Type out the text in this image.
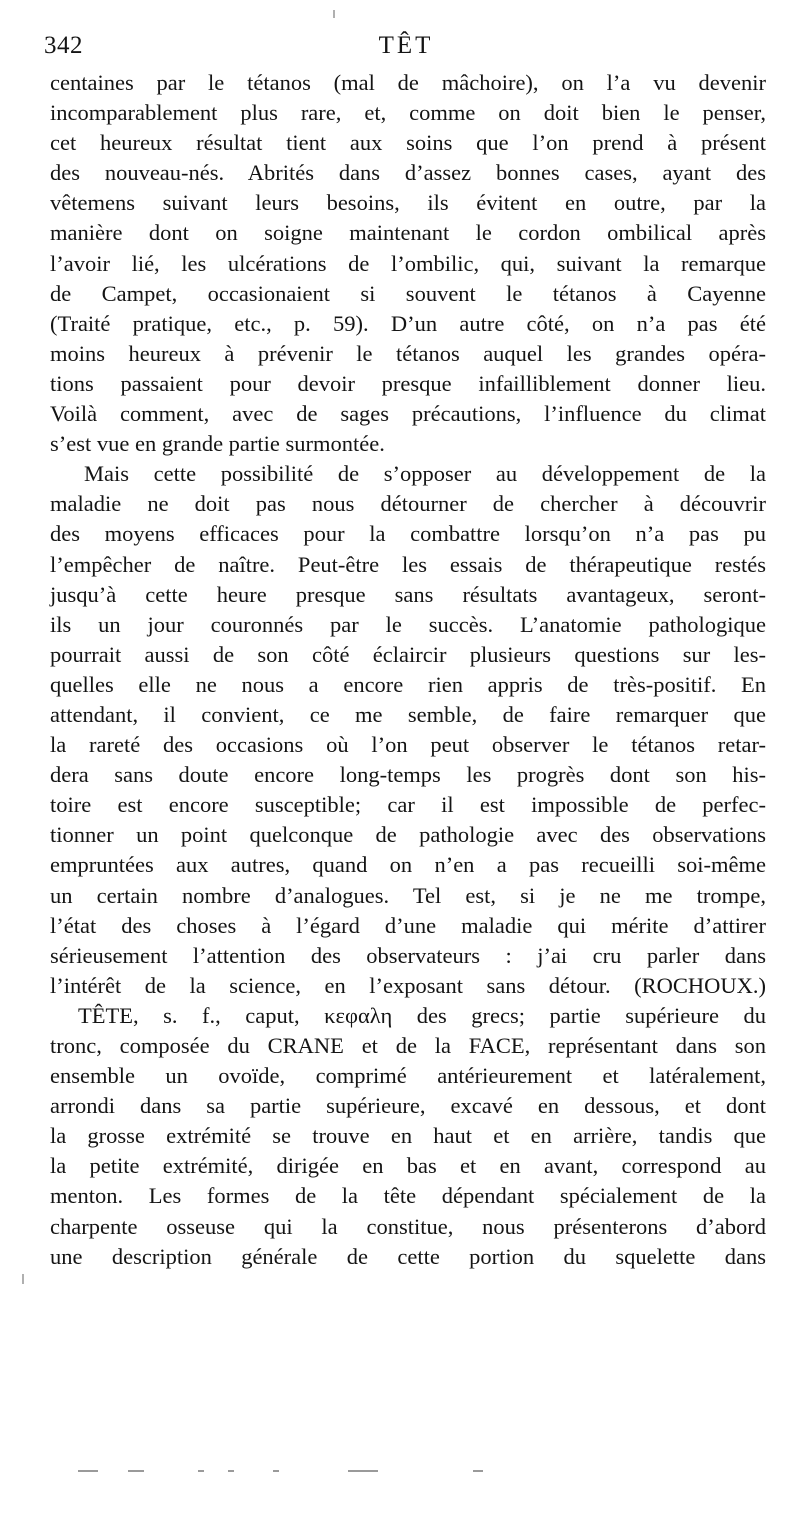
342	TÊT
centaines par le tétanos (mal de mâchoire), on l’a vu devenir
incomparablement plus rare, et, comme on doit bien le penser,
cet heureux résultat tient aux soins que l’on prend à présent
des nouveau-nés. Abrités dans d’assez bonnes cases, ayant des
vêtemens suivant leurs besoins, ils évitent en outre, par la
manière dont on soigne maintenant le cordon ombilical après
l’avoir lié, les ulcérations de l’ombilic, qui, suivant la remarque
de Campet, occasionaient si souvent le tétanos à Cayenne
(Traité pratique, etc., p. 59). D’un autre côté, on n’a pas été
moins heureux à prévenir le tétanos auquel les grandes opéra-
tions passaient pour devoir presque infailliblement donner lieu.
Voilà comment, avec de sages précautions, l’influence du climat
s’est vue en grande partie surmontée.
Mais cette possibilité de s’opposer au développement de la
maladie ne doit pas nous détourner de chercher à découvrir
des moyens efficaces pour la combattre lorsqu’on n’a pas pu
l’empêcher de naître. Peut-être les essais de thérapeutique restés
jusqu’à cette heure presque sans résultats avantageux, seront-
ils un jour couronnés par le succès. L’anatomie pathologique
pourrait aussi de son côté éclaircir plusieurs questions sur les-
quelles elle ne nous a encore rien appris de très-positif. En
attendant, il convient, ce me semble, de faire remarquer que
la rareté des occasions où l’on peut observer le tétanos retar-
dera sans doute encore long-temps les progrès dont son his-
toire est encore susceptible; car il est impossible de perfec-
tionner un point quelconque de pathologie avec des observations
empruntées aux autres, quand on n’en a pas recueilli soi-même
un certain nombre d’analogues. Tel est, si je ne me trompe,
l’état des choses à l’égard d’une maladie qui mérite d’attirer
sérieusement l’attention des observateurs : j’ai cru parler dans
l’intérêt de la science, en l’exposant sans détour. (ROCHOUX.)
TÊTE, s. f., caput, κεφαλη des grecs; partie supérieure du
tronc, composée du CRANE et de la FACE, représentant dans son
ensemble un ovoïde, comprimé antérieurement et latéralement,
arrondi dans sa partie supérieure, excavé en dessous, et dont
la grosse extrémité se trouve en haut et en arrière, tandis que
la petite extrémité, dirigée en bas et en avant, correspond au
menton. Les formes de la tête dépendant spécialement de la
charpente osseuse qui la constitue, nous présenterons d’abord
une description générale de cette portion du squelette dans
